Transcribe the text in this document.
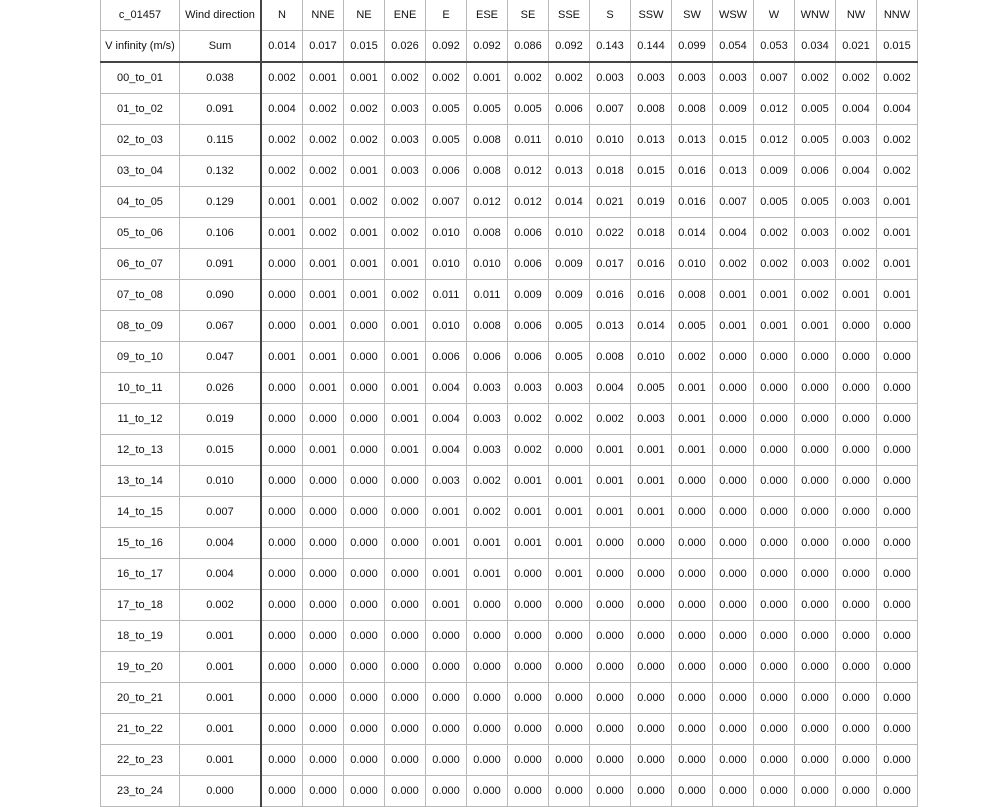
c_01457	Wind direction	N	NNE	NE	ENE	E	ESE	SE	SSE	S	SSW	SW	WSW	W	WNW	NW	NNW
V infinity (m/s)	Sum	0.014	0.017	0.015	0.026	0.092	0.092	0.086	0.092	0.143	0.144	0.099	0.054	0.053	0.034	0.021	0.015
00_to_01	0.038	0.002	0.001	0.001	0.002	0.002	0.001	0.002	0.002	0.003	0.003	0.003	0.003	0.007	0.002	0.002	0.002
01_to_02	0.091	0.004	0.002	0.002	0.003	0.005	0.005	0.005	0.006	0.007	0.008	0.008	0.009	0.012	0.005	0.004	0.004
02_to_03	0.115	0.002	0.002	0.002	0.003	0.005	0.008	0.011	0.010	0.010	0.013	0.013	0.015	0.012	0.005	0.003	0.002
03_to_04	0.132	0.002	0.002	0.001	0.003	0.006	0.008	0.012	0.013	0.018	0.015	0.016	0.013	0.009	0.006	0.004	0.002
04_to_05	0.129	0.001	0.001	0.002	0.002	0.007	0.012	0.012	0.014	0.021	0.019	0.016	0.007	0.005	0.005	0.003	0.001
05_to_06	0.106	0.001	0.002	0.001	0.002	0.010	0.008	0.006	0.010	0.022	0.018	0.014	0.004	0.002	0.003	0.002	0.001
06_to_07	0.091	0.000	0.001	0.001	0.001	0.010	0.010	0.006	0.009	0.017	0.016	0.010	0.002	0.002	0.003	0.002	0.001
07_to_08	0.090	0.000	0.001	0.001	0.002	0.011	0.011	0.009	0.009	0.016	0.016	0.008	0.001	0.001	0.002	0.001	0.001
08_to_09	0.067	0.000	0.001	0.000	0.001	0.010	0.008	0.006	0.005	0.013	0.014	0.005	0.001	0.001	0.001	0.000	0.000
09_to_10	0.047	0.001	0.001	0.000	0.001	0.006	0.006	0.006	0.005	0.008	0.010	0.002	0.000	0.000	0.000	0.000	0.000
10_to_11	0.026	0.000	0.001	0.000	0.001	0.004	0.003	0.003	0.003	0.004	0.005	0.001	0.000	0.000	0.000	0.000	0.000
11_to_12	0.019	0.000	0.000	0.000	0.001	0.004	0.003	0.002	0.002	0.002	0.003	0.001	0.000	0.000	0.000	0.000	0.000
12_to_13	0.015	0.000	0.001	0.000	0.001	0.004	0.003	0.002	0.000	0.001	0.001	0.001	0.000	0.000	0.000	0.000	0.000
13_to_14	0.010	0.000	0.000	0.000	0.000	0.003	0.002	0.001	0.001	0.001	0.001	0.000	0.000	0.000	0.000	0.000	0.000
14_to_15	0.007	0.000	0.000	0.000	0.000	0.001	0.002	0.001	0.001	0.001	0.001	0.000	0.000	0.000	0.000	0.000	0.000
15_to_16	0.004	0.000	0.000	0.000	0.000	0.001	0.001	0.001	0.001	0.000	0.000	0.000	0.000	0.000	0.000	0.000	0.000
16_to_17	0.004	0.000	0.000	0.000	0.000	0.001	0.001	0.000	0.001	0.000	0.000	0.000	0.000	0.000	0.000	0.000	0.000
17_to_18	0.002	0.000	0.000	0.000	0.000	0.001	0.000	0.000	0.000	0.000	0.000	0.000	0.000	0.000	0.000	0.000	0.000
18_to_19	0.001	0.000	0.000	0.000	0.000	0.000	0.000	0.000	0.000	0.000	0.000	0.000	0.000	0.000	0.000	0.000	0.000
19_to_20	0.001	0.000	0.000	0.000	0.000	0.000	0.000	0.000	0.000	0.000	0.000	0.000	0.000	0.000	0.000	0.000	0.000
20_to_21	0.001	0.000	0.000	0.000	0.000	0.000	0.000	0.000	0.000	0.000	0.000	0.000	0.000	0.000	0.000	0.000	0.000
21_to_22	0.001	0.000	0.000	0.000	0.000	0.000	0.000	0.000	0.000	0.000	0.000	0.000	0.000	0.000	0.000	0.000	0.000
22_to_23	0.001	0.000	0.000	0.000	0.000	0.000	0.000	0.000	0.000	0.000	0.000	0.000	0.000	0.000	0.000	0.000	0.000
23_to_24	0.000	0.000	0.000	0.000	0.000	0.000	0.000	0.000	0.000	0.000	0.000	0.000	0.000	0.000	0.000	0.000	0.000
